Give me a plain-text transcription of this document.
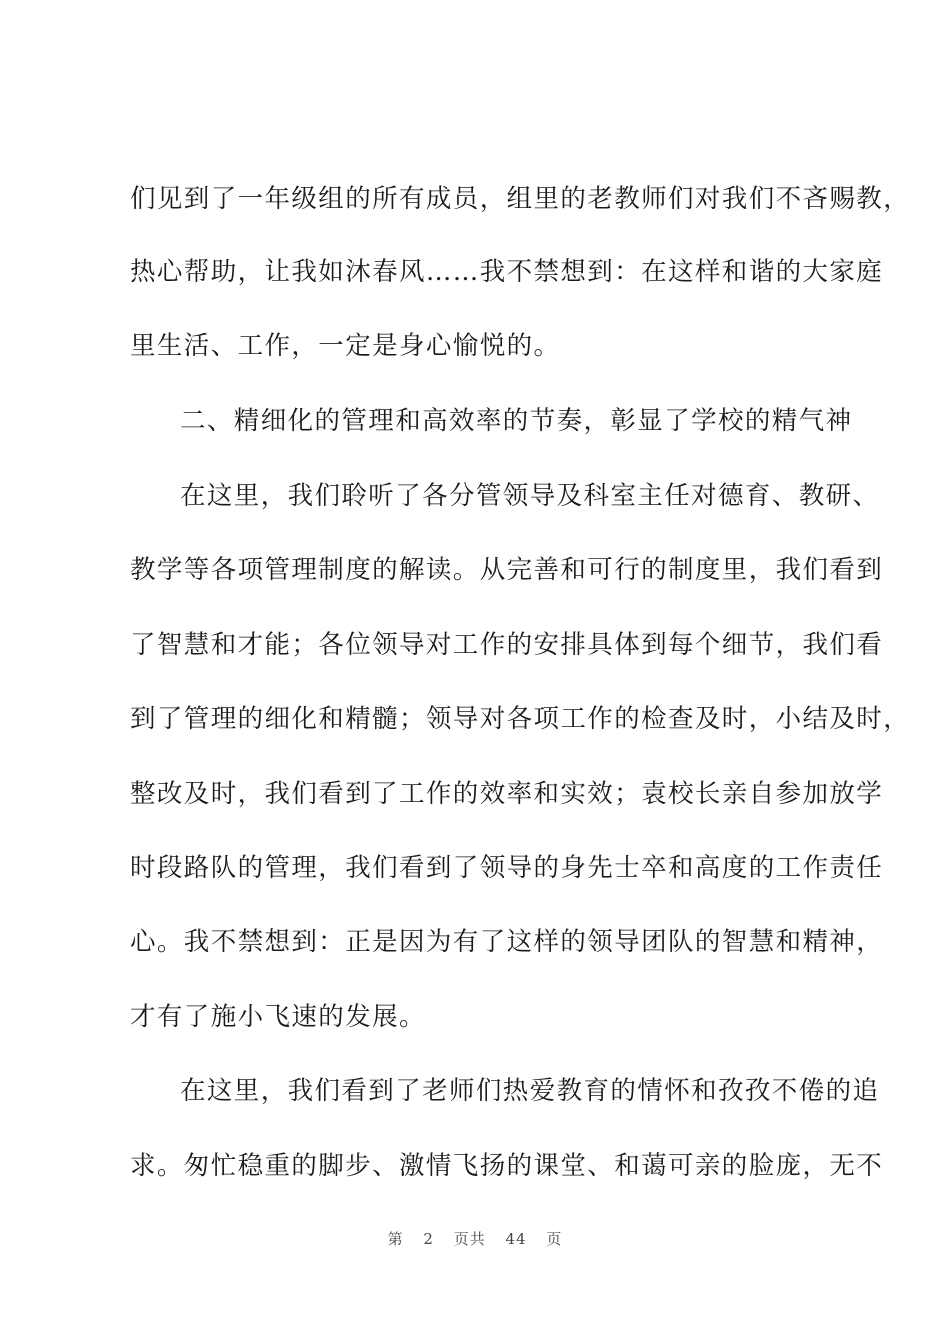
们见到了一年级组的所有成员，组里的老教师们对我们不吝赐教，
热心帮助，让我如沐春风……我不禁想到：在这样和谐的大家庭
里生活、工作，一定是身心愉悦的。
二、精细化的管理和高效率的节奏，彰显了学校的精气神
在这里，我们聆听了各分管领导及科室主任对德育、教研、
教学等各项管理制度的解读。从完善和可行的制度里，我们看到
了智慧和才能；各位领导对工作的安排具体到每个细节，我们看
到了管理的细化和精髓；领导对各项工作的检查及时，小结及时，
整改及时，我们看到了工作的效率和实效；袁校长亲自参加放学
时段路队的管理，我们看到了领导的身先士卒和高度的工作责任
心。我不禁想到：正是因为有了这样的领导团队的智慧和精神，
才有了施小飞速的发展。
在这里，我们看到了老师们热爱教育的情怀和孜孜不倦的追
求。匆忙稳重的脚步、激情飞扬的课堂、和蔼可亲的脸庞，无不
第 2 页共 44 页
